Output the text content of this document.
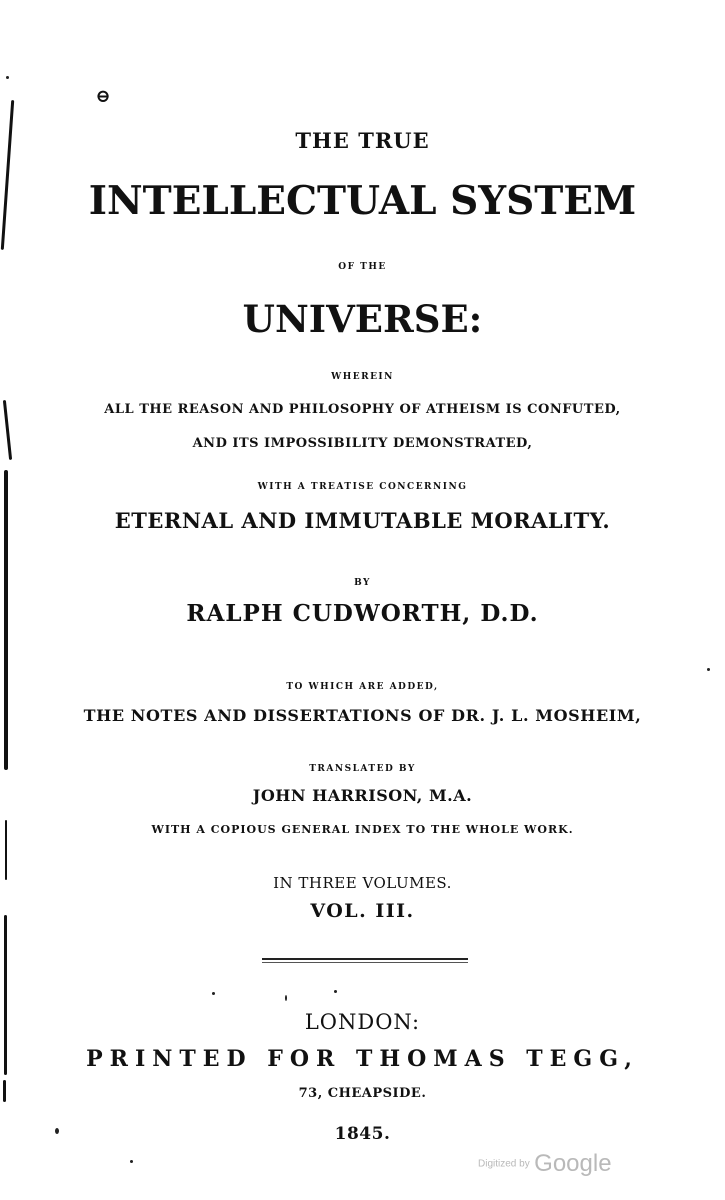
⊖
THE TRUE
INTELLECTUAL SYSTEM
OF THE
UNIVERSE:
WHEREIN
ALL THE REASON AND PHILOSOPHY OF ATHEISM IS CONFUTED,
AND ITS IMPOSSIBILITY DEMONSTRATED,
WITH A TREATISE CONCERNING
ETERNAL AND IMMUTABLE MORALITY.
BY
RALPH CUDWORTH, D.D.
TO WHICH ARE ADDED,
THE NOTES AND DISSERTATIONS OF DR. J. L. MOSHEIM,
TRANSLATED BY
JOHN HARRISON, M.A.
WITH A COPIOUS GENERAL INDEX TO THE WHOLE WORK.
IN THREE VOLUMES.
VOL. III.
LONDON:
PRINTED FOR THOMAS TEGG,
73, CHEAPSIDE.
1845.
Digitized by Google
